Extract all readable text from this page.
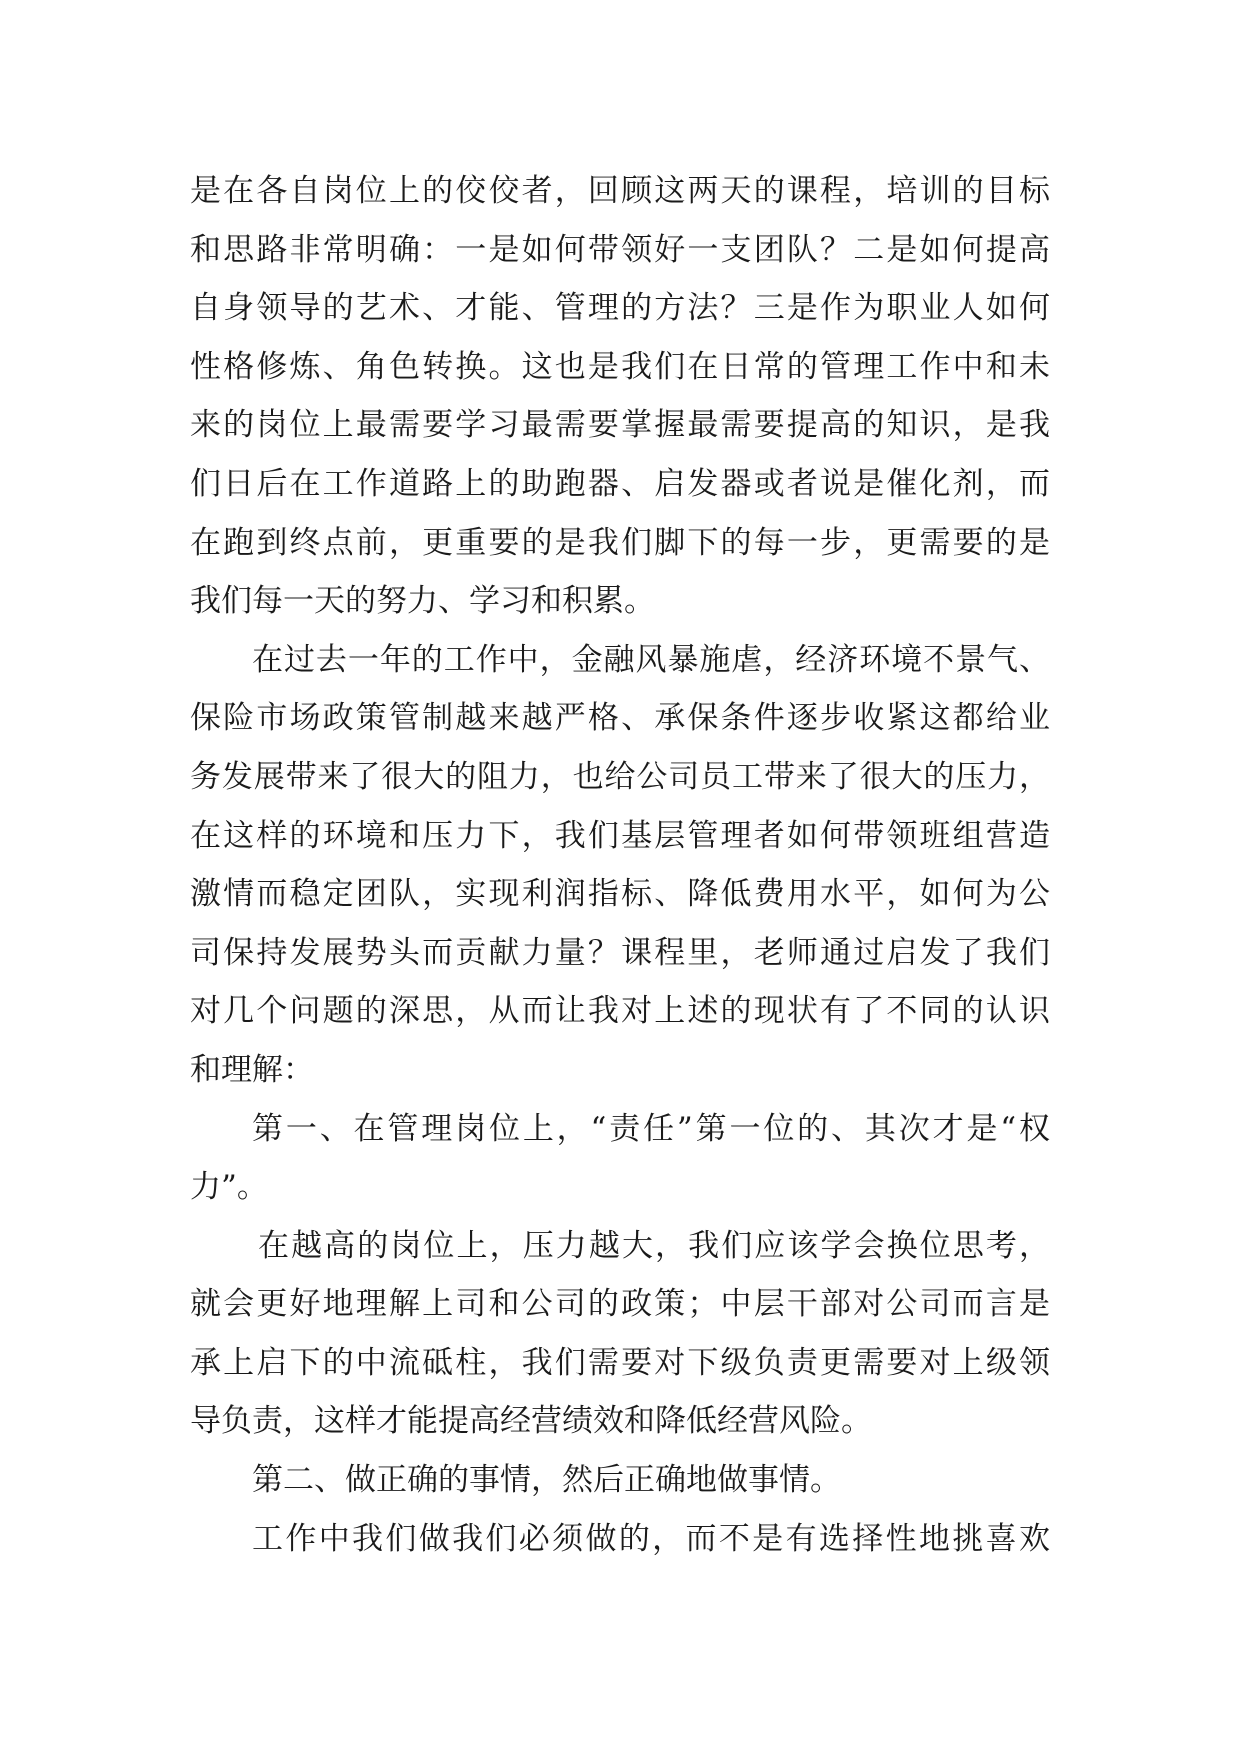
是在各自岗位上的佼佼者，回顾这两天的课程，培训的目标
和思路非常明确：一是如何带领好一支团队？二是如何提高
自身领导的艺术、才能、管理的方法？三是作为职业人如何
性格修炼、角色转换。这也是我们在日常的管理工作中和未
来的岗位上最需要学习最需要掌握最需要提高的知识，是我
们日后在工作道路上的助跑器、启发器或者说是催化剂，而
在跑到终点前，更重要的是我们脚下的每一步，更需要的是
我们每一天的努力、学习和积累。
在过去一年的工作中，金融风暴施虐，经济环境不景气、
保险市场政策管制越来越严格、承保条件逐步收紧这都给业
务发展带来了很大的阻力，也给公司员工带来了很大的压力，
在这样的环境和压力下，我们基层管理者如何带领班组营造
激情而稳定团队，实现利润指标、降低费用水平，如何为公
司保持发展势头而贡献力量？课程里，老师通过启发了我们
对几个问题的深思，从而让我对上述的现状有了不同的认识
和理解：
第一、在管理岗位上，“责任”第一位的、其次才是“权
力”。
在越高的岗位上，压力越大，我们应该学会换位思考，
就会更好地理解上司和公司的政策；中层干部对公司而言是
承上启下的中流砥柱，我们需要对下级负责更需要对上级领
导负责，这样才能提高经营绩效和降低经营风险。
第二、做正确的事情，然后正确地做事情。
工作中我们做我们必须做的，而不是有选择性地挑喜欢
